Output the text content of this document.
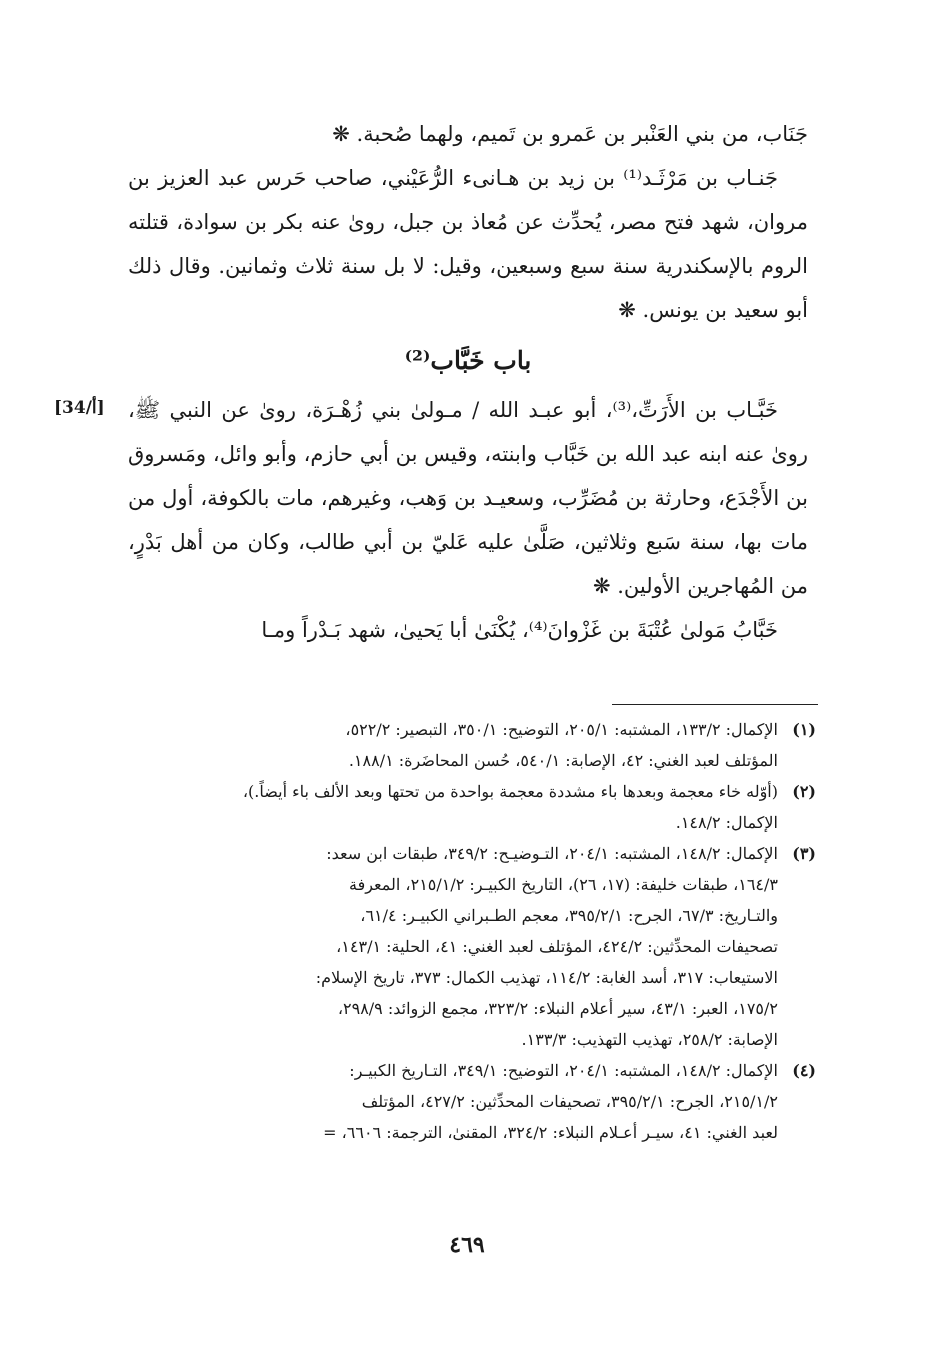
جَنَاب، من بني العَنْبر بن عَمرو بن تَميم، ولهما صُحبة. ❋

جَنـاب بن مَرْثَـد⁽¹⁾ بن زيد بن هـانىء الرُّعَيْني، صاحب حَرس عبد العزيز بن مروان، شهد فتح مصر، يُحدِّث عن مُعاذ بن جبل، روىٰ عنه بكر بن سوادة، قتلته الروم بالإسكندرية سنة سبع وسبعين، وقيل: لا بل سنة ثلاث وثمانين. وقال ذلك أبو سعيد بن يونس. ❋

باب خَبَّاب⁽²⁾

خَبَّـاب بن الأَرَتِّ،⁽³⁾، أبو عبـد الله / مـولىٰ بني زُهْـرَة، روىٰ عن النبي ﷺ، روىٰ عنه ابنه عبد الله بن خَبَّاب وابنته، وقيس بن أبي حازم، وأبو وائل، ومَسروق بن الأَجْدَع، وحارثة بن مُضَرِّب، وسعيـد بن وَهب، وغيرهم، مات بالكوفة، أول من مات بها، سنة سَبع وثلاثين، صَلَّىٰ عليه عَليّ بن أبي طالب، وكان من أهل بَدْرٍ، من المُهاجرين الأولين. ❋

خَبَّابُ مَولىٰ عُتْبَةَ بن غَزْوانَ⁽⁴⁾، يُكْنَىٰ أبا يَحيىٰ، شهد بَـدْراً ومـا

[34/أ]
(١)
الإكمال: ١٣٣/٢، المشتبه: ٢٠٥/١، التوضيح: ٣٥٠/١، التبصير: ٥٢٢/٢،
المؤتلف لعبد الغني: ٤٢، الإصابة: ٥٤٠/١، حُسن المحاضَرة: ١٨٨/١.
(٢)
(أوّله خاء معجمة وبعدها باء مشددة معجمة بواحدة من تحتها وبعد الألف باء أيضاً.)،
الإكمال: ١٤٨/٢.
(٣)
الإكمال: ١٤٨/٢، المشتبه: ٢٠٤/١، التـوضيـح: ٣٤٩/٢، طبقات ابن سعد:
١٦٤/٣، طبقات خليفة: (١٧، ٢٦)، التاريخ الكبيـر: ٢١٥/١/٢، المعرفة
والتـاريخ: ٦٧/٣، الجرح: ٣٩٥/٢/١، معجم الطـبراني الكبيـر: ٦١/٤،
تصحيفات المحدِّثين: ٤٢٤/٢، المؤتلف لعبد الغني: ٤١، الحلية: ١٤٣/١،
الاستيعاب: ٣١٧، أسد الغابة: ١١٤/٢، تهذيب الكمال: ٣٧٣، تاريخ الإسلام:
١٧٥/٢، العبر: ٤٣/١، سير أعلام النبلاء: ٣٢٣/٢، مجمع الزوائد: ٢٩٨/٩،
الإصابة: ٢٥٨/٢، تهذيب التهذيب: ١٣٣/٣.
(٤)
الإكمال: ١٤٨/٢، المشتبه: ٢٠٤/١، التوضيح: ٣٤٩/١، التـاريخ الكبيـر:
٢١٥/١/٢، الجرح: ٣٩٥/٢/١، تصحيفات المحدِّثين: ٤٢٧/٢، المؤتلف
لعبد الغني: ٤١، سيـر أعـلام النبلاء: ٣٢٤/٢، المقنىٰ، الترجمة: ٦٦٠٦، =
٤٦٩
